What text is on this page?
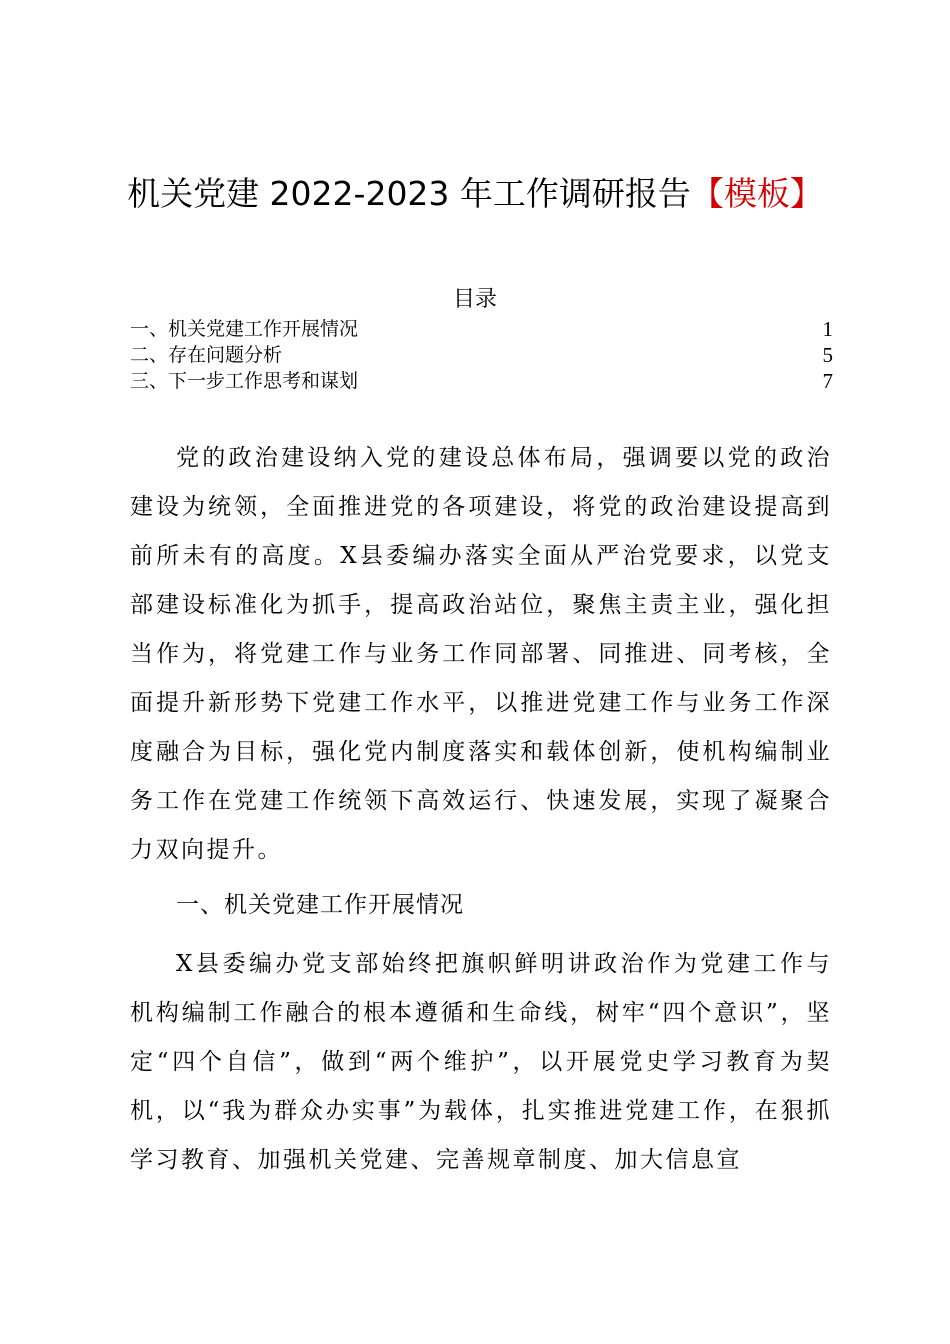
机关党建 2022-2023 年工作调研报告【模板】
目录
一、机关党建工作开展情况	1
二、存在问题分析	5
三、下一步工作思考和谋划	7

党的政治建设纳入党的建设总体布局，强调要以党的政治建设为统领，全面推进党的各项建设，将党的政治建设提高到前所未有的高度。X县委编办落实全面从严治党要求，以党支部建设标准化为抓手，提高政治站位，聚焦主责主业，强化担当作为，将党建工作与业务工作同部署、同推进、同考核，全面提升新形势下党建工作水平，以推进党建工作与业务工作深度融合为目标，强化党内制度落实和载体创新，使机构编制业务工作在党建工作统领下高效运行、快速发展，实现了凝聚合力双向提升。

一、机关党建工作开展情况

X县委编办党支部始终把旗帜鲜明讲政治作为党建工作与机构编制工作融合的根本遵循和生命线，树牢“四个意识”，坚定“四个自信”，做到“两个维护”，以开展党史学习教育为契机，以“我为群众办实事”为载体，扎实推进党建工作，在狠抓学习教育、加强机关党建、完善规章制度、加大信息宣
